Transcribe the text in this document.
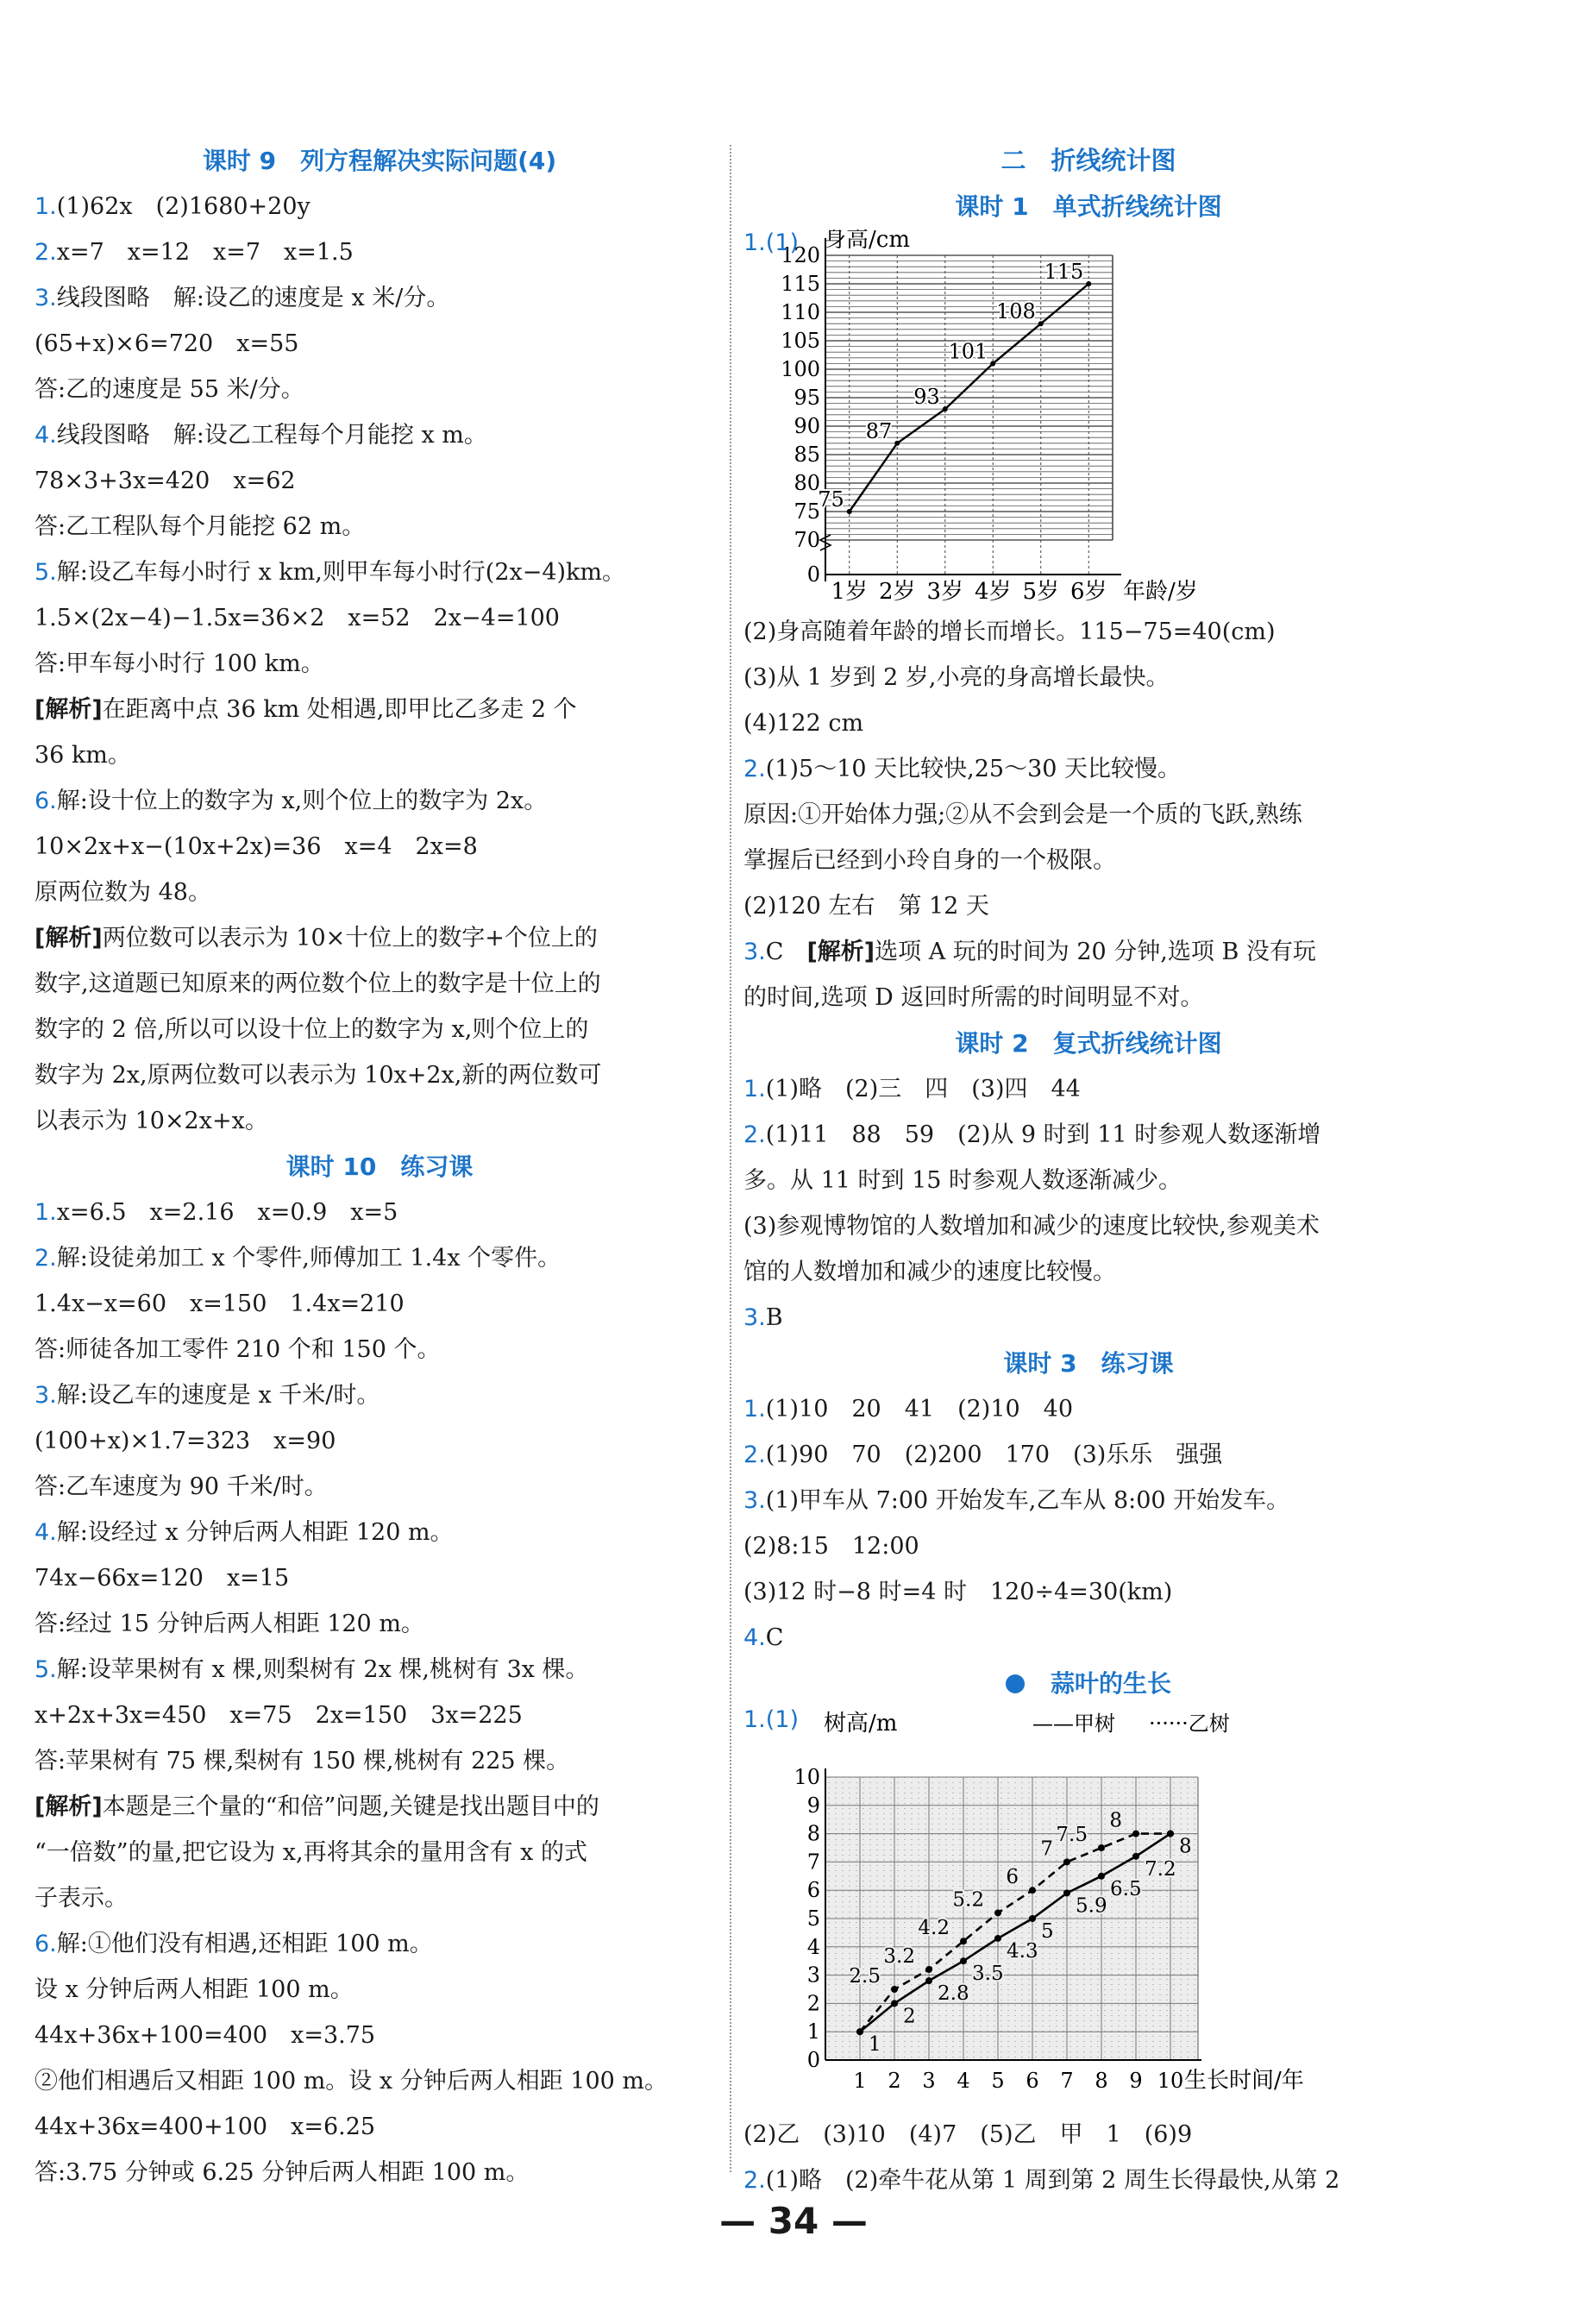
课时 9　列方程解决实际问题(4)
1.(1)62x　(2)1680+20y
2.x=7　x=12　x=7　x=1.5
3.线段图略　解:设乙的速度是 x 米/分。
(65+x)×6=720　x=55
答:乙的速度是 55 米/分。
4.线段图略　解:设乙工程每个月能挖 x m。
78×3+3x=420　x=62
答:乙工程队每个月能挖 62 m。
5.解:设乙车每小时行 x km,则甲车每小时行(2x−4)km。
1.5×(2x−4)−1.5x=36×2　x=52　2x−4=100
答:甲车每小时行 100 km。
[解析]在距离中点 36 km 处相遇,即甲比乙多走 2 个
36 km。
6.解:设十位上的数字为 x,则个位上的数字为 2x。
10×2x+x−(10x+2x)=36　x=4　2x=8
原两位数为 48。
[解析]两位数可以表示为 10×十位上的数字+个位上的
数字,这道题已知原来的两位数个位上的数字是十位上的
数字的 2 倍,所以可以设十位上的数字为 x,则个位上的
数字为 2x,原两位数可以表示为 10x+2x,新的两位数可
以表示为 10×2x+x。
课时 10　练习课
1.x=6.5　x=2.16　x=0.9　x=5
2.解:设徒弟加工 x 个零件,师傅加工 1.4x 个零件。
1.4x−x=60　x=150　1.4x=210
答:师徒各加工零件 210 个和 150 个。
3.解:设乙车的速度是 x 千米/时。
(100+x)×1.7=323　x=90
答:乙车速度为 90 千米/时。
4.解:设经过 x 分钟后两人相距 120 m。
74x−66x=120　x=15
答:经过 15 分钟后两人相距 120 m。
5.解:设苹果树有 x 棵,则梨树有 2x 棵,桃树有 3x 棵。
x+2x+3x=450　x=75　2x=150　3x=225
答:苹果树有 75 棵,梨树有 150 棵,桃树有 225 棵。
[解析]本题是三个量的“和倍”问题,关键是找出题目中的
“一倍数”的量,把它设为 x,再将其余的量用含有 x 的式
子表示。
6.解:①他们没有相遇,还相距 100 m。
设 x 分钟后两人相距 100 m。
44x+36x+100=400　x=3.75
②他们相遇后又相距 100 m。设 x 分钟后两人相距 100 m。
44x+36x=400+100　x=6.25
答:3.75 分钟或 6.25 分钟后两人相距 100 m。
二　折线统计图
课时 1　单式折线统计图
1.(1)
0
70
75
80
85
90
95
100
105
110
115
120
身高/cm
1岁 2岁 3岁 4岁 5岁 6岁 年龄/岁
75
87
93
101
108
115
(2)身高随着年龄的增长而增长。115−75=40(cm)
(3)从 1 岁到 2 岁,小亮的身高增长最快。
(4)122 cm
2.(1)5～10 天比较快,25～30 天比较慢。
原因:①开始体力强;②从不会到会是一个质的飞跃,熟练
掌握后已经到小玲自身的一个极限。
(2)120 左右　第 12 天
3.C　[解析]选项 A 玩的时间为 20 分钟,选项 B 没有玩
的时间,选项 D 返回时所需的时间明显不对。
课时 2　复式折线统计图
1.(1)略　(2)三　四　(3)四　44
2.(1)11　88　59　(2)从 9 时到 11 时参观人数逐渐增
多。从 11 时到 15 时参观人数逐渐减少。
(3)参观博物馆的人数增加和减少的速度比较快,参观美术
馆的人数增加和减少的速度比较慢。
3.B
课时 3　练习课
1.(1)10　20　41　(2)10　40
2.(1)90　70　(2)200　170　(3)乐乐　强强
3.(1)甲车从 7:00 开始发车,乙车从 8:00 开始发车。
(2)8:15　12:00
(3)12 时−8 时=4 时　120÷4=30(km)
4.C
蒜叶的生长
1.(1)
0
1
2
3
4
5
6
7
8
9
10
树高/m	——甲树 ······乙树
1 2 3 4 5 6 7 8 9 10 生长时间/年
1
2
2.8
3.5
4.3
5
5.9
6.5
7.2
8
2.5
3.2
4.2
5.2
6
7
7.5
8
(2)乙　(3)10　(4)7　(5)乙　甲　1　(6)9
2.(1)略　(2)牵牛花从第 1 周到第 2 周生长得最快,从第 2
— 34 —
